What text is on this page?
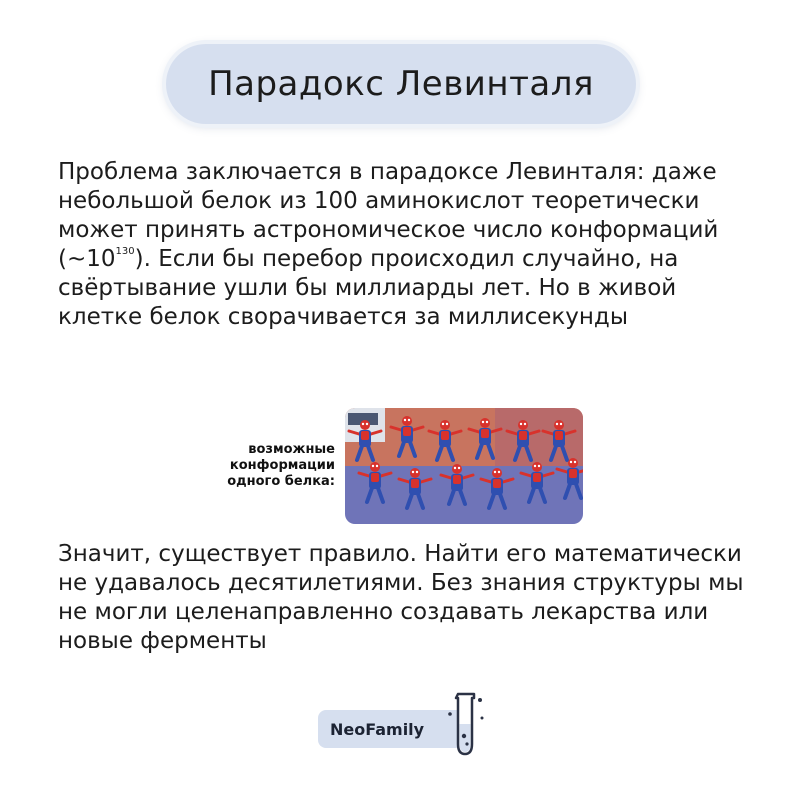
Парадокс Левинталя

Проблема заключается в парадоксе Левинталя: даже небольшой белок из 100 аминокислот теоретически может принять астрономическое число конформаций $(\sim 10^{130})$. Если бы перебор происходил случайно, на свёртывание ушли бы миллиарды лет. Но в живой клетке белок сворачивается за миллисекунды

возможные
конформации
одного белка:

Значит, существует правило. Найти его математически не удавалось десятилетиями. Без знания структуры мы не могли целенаправленно создавать лекарства или новые ферменты

NeoFamily
